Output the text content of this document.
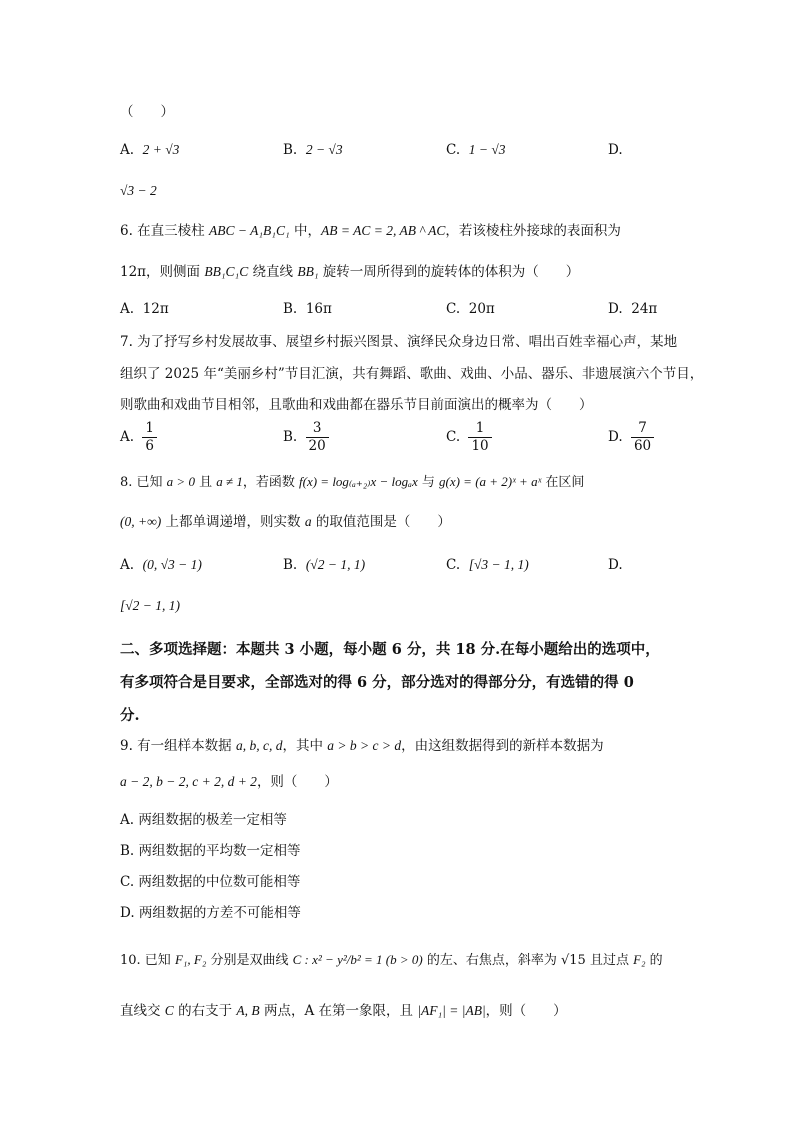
（　　）
A. 2 + √3	B. 2 − √3	C. 1 − √3	D.
√3 − 2
6. 在直三棱柱 ABC − A₁B₁C₁ 中，AB = AC = 2, AB ^ AC，若该棱柱外接球的表面积为
12π，则侧面 BB₁C₁C 绕直线 BB₁ 旋转一周所得到的旋转体的体积为（　　）
A. 12π	B. 16π	C. 20π	D. 24π
7. 为了抒写乡村发展故事、展望乡村振兴图景、演绎民众身边日常、唱出百姓幸福心声，某地
组织了 2025 年“美丽乡村”节目汇演，共有舞蹈、歌曲、戏曲、小品、器乐、非遗展演六个节目，
则歌曲和戏曲节目相邻，且歌曲和戏曲都在器乐节目前面演出的概率为（　　）
A. $\frac{1}{6}$	B. $\frac{3}{20}$	C. $\frac{1}{10}$	D. $\frac{7}{60}$
8. 已知 a > 0 且 a ≠ 1，若函数 f(x) = log₍ₐ₊₂₎x − logₐx 与 g(x) = (a + 2)ˣ + aˣ 在区间
(0, +∞) 上都单调递增，则实数 a 的取值范围是（　　）
A. (0, √3 − 1)	B. (√2 − 1, 1)	C. [√3 − 1, 1)	D.
[√2 − 1, 1)
二、多项选择题：本题共 3 小题，每小题 6 分，共 18 分.在每小题给出的选项中，
有多项符合是目要求，全部选对的得 6 分，部分选对的得部分分，有选错的得 0
分.
9. 有一组样本数据 a, b, c, d，其中 a > b > c > d，由这组数据得到的新样本数据为
a − 2, b − 2, c + 2, d + 2，则（　　）
A. 两组数据的极差一定相等
B. 两组数据的平均数一定相等
C. 两组数据的中位数可能相等
D. 两组数据的方差不可能相等
10. 已知 F₁, F₂ 分别是双曲线 C : x² − y²/b² = 1 (b > 0) 的左、右焦点，斜率为 √15 且过点 F₂ 的
直线交 C 的右支于 A, B 两点，A 在第一象限，且 |AF₁| = |AB|，则（　　）
